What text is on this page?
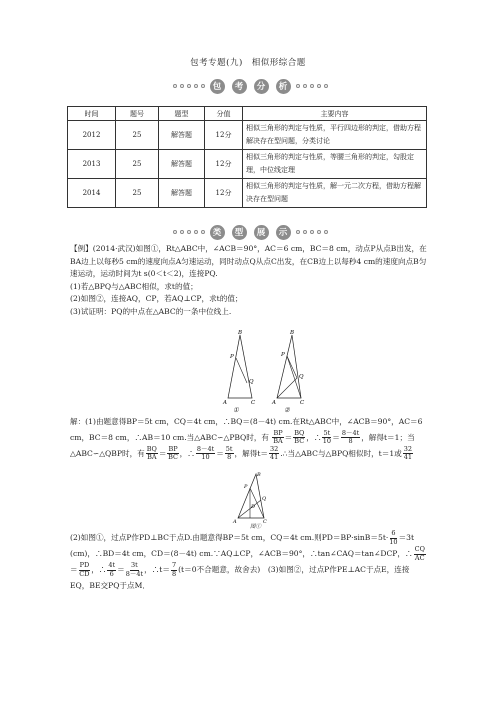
包考专题(九)　相似形综合题
包	考	分	析
时间	题号	题型	分值	主要内容
2012	25	解答题	12分	相似三角形的判定与性质，平行四边形的判定，借助方程解决存在型问题，分类讨论
2013	25	解答题	12分	相似三角形的判定与性质，等腰三角形的判定，勾股定理，中位线定理
2014	25	解答题	12分	相似三角形的判定与性质，解一元二次方程，借助方程解决存在型问题
类	型	展	示
【例】(2014·武汉)如图①，Rt△ABC中，∠ACB＝90°，AC＝6 cm，BC＝8 cm，动点P从点B出发，在BA边上以每秒5 cm的速度向点A匀速运动，同时动点Q从点C出发，在CB边上以每秒4 cm的速度向点B匀速运动，运动时间为t s(0＜t＜2)，连接PQ.
(1)若△BPQ与△ABC相似，求t的值；
(2)如图②，连接AQ，CP，若AQ⊥CP，求t的值；
(3)试证明：PQ的中点在△ABC的一条中位线上.
B
P
Q
A	C
①
B
P
Q
A	C
②
解：(1)由题意得BP＝5t cm，CQ＝4t cm，∴BQ＝(8－4t) cm.在Rt△ABC中，∠ACB＝90°，AC＝6 cm，BC＝8 cm，∴AB＝10 cm.当△ABC∽△PBQ时，有 $\frac{BP}{BA} = \frac{BQ}{BC}$ ，∴ $\frac{5t}{10} = \frac{8-4t}{8}$ ，解得t＝1；当△ABC∽△QBP时，有 $\frac{BQ}{BA} = \frac{BP}{BC}$ ，∴ $\frac{8-4t}{10} = \frac{5t}{8}$ ，解得$t= \frac{32}{41}$ .∴当△ABC与△BPQ相似时，t＝1或 $\frac{32}{41}$
B
P
Q
D
A	C
图①
(2)如图①，过点P作PD⊥BC于点D.由题意得BP＝5t cm，CQ＝4t cm.则$PD=BP\cdot\sin B=5t\cdot \frac{6}{10} =3t$ (cm)，∴BD＝4t cm，CD＝(8－4t) cm.∵AQ⊥CP，∠ACB＝90°，∴tan∠CAQ＝tan∠DCP，∴ $\frac{CQ}{AC}$
＝ $\frac{PD}{CD}$ ，∴ $\frac{4t}{6} = \frac{3t}{8-4t}$ ，∴t＝ $\frac{7}{8} (t=0$不合题意，故舍去)　(3)如图②，过点P作PE⊥AC于点E，连接EQ，BE交PQ于点M．
